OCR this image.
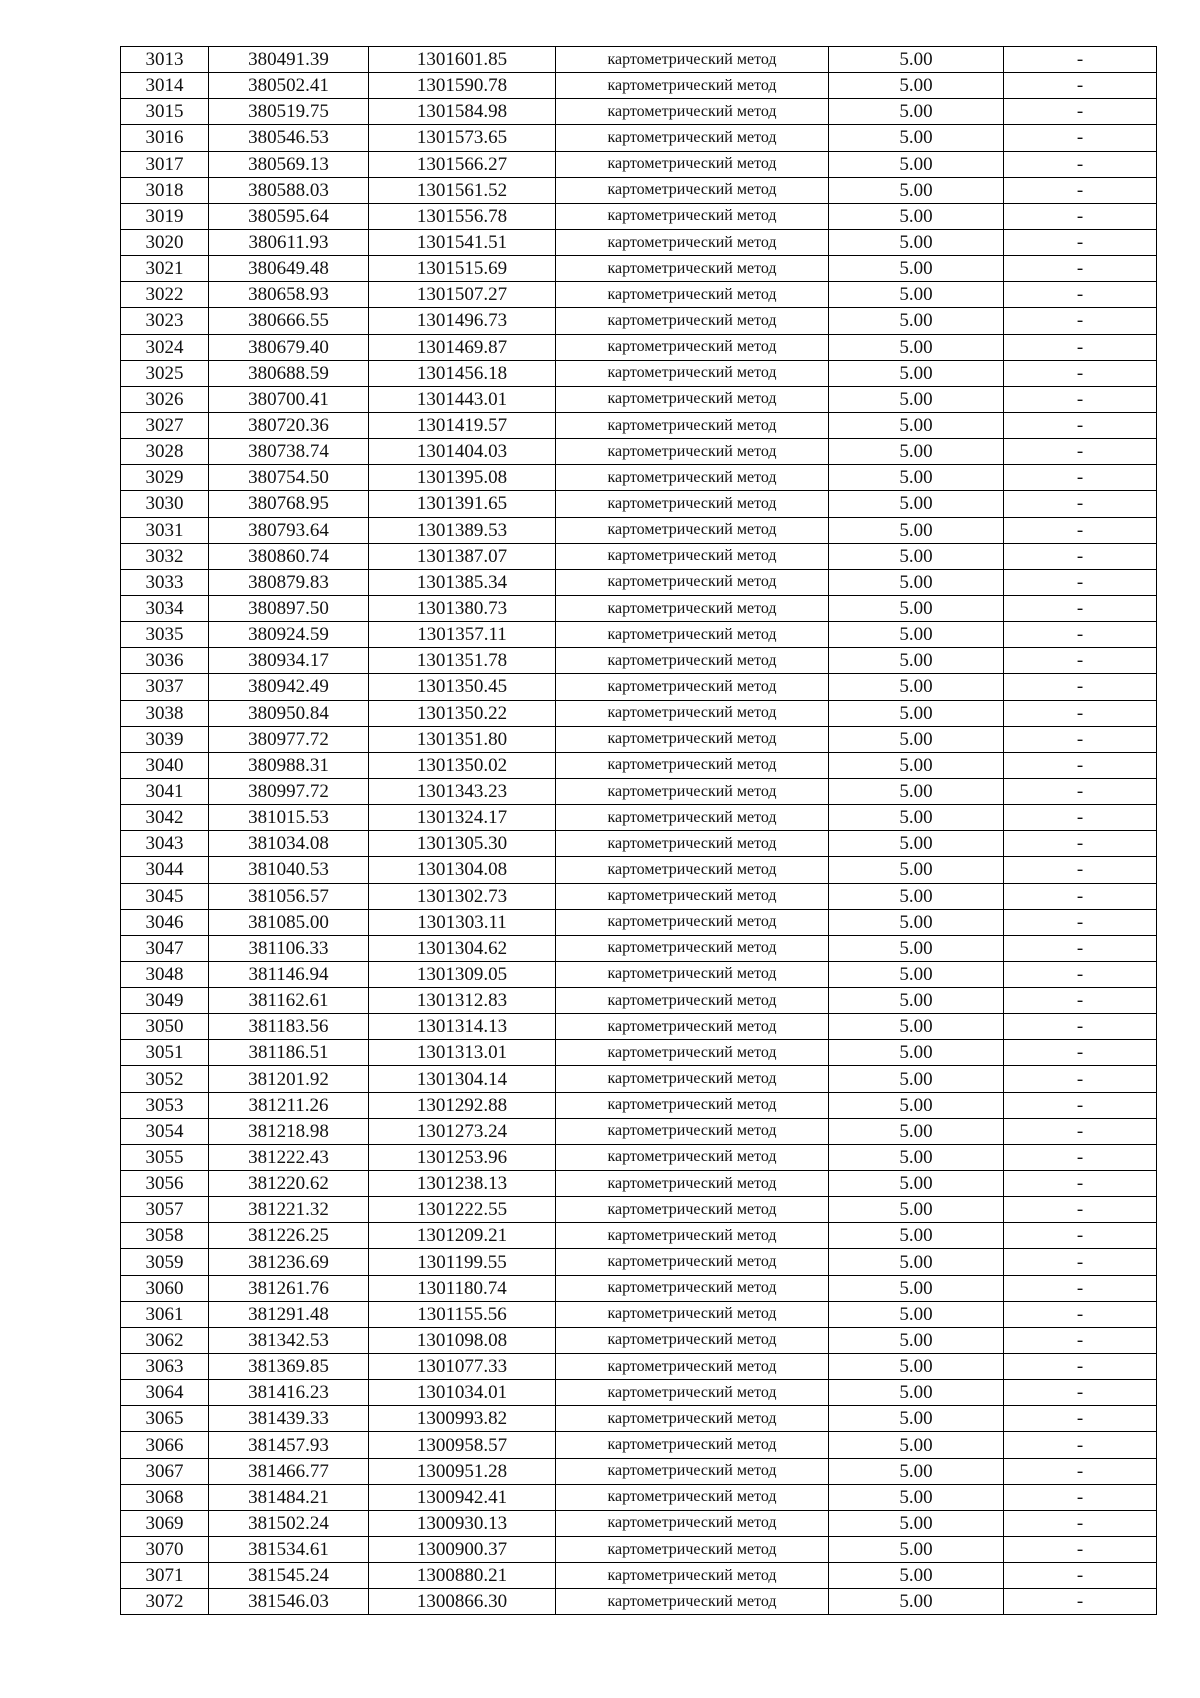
3013	380491.39	1301601.85	картометрический метод	5.00	-
3014	380502.41	1301590.78	картометрический метод	5.00	-
3015	380519.75	1301584.98	картометрический метод	5.00	-
3016	380546.53	1301573.65	картометрический метод	5.00	-
3017	380569.13	1301566.27	картометрический метод	5.00	-
3018	380588.03	1301561.52	картометрический метод	5.00	-
3019	380595.64	1301556.78	картометрический метод	5.00	-
3020	380611.93	1301541.51	картометрический метод	5.00	-
3021	380649.48	1301515.69	картометрический метод	5.00	-
3022	380658.93	1301507.27	картометрический метод	5.00	-
3023	380666.55	1301496.73	картометрический метод	5.00	-
3024	380679.40	1301469.87	картометрический метод	5.00	-
3025	380688.59	1301456.18	картометрический метод	5.00	-
3026	380700.41	1301443.01	картометрический метод	5.00	-
3027	380720.36	1301419.57	картометрический метод	5.00	-
3028	380738.74	1301404.03	картометрический метод	5.00	-
3029	380754.50	1301395.08	картометрический метод	5.00	-
3030	380768.95	1301391.65	картометрический метод	5.00	-
3031	380793.64	1301389.53	картометрический метод	5.00	-
3032	380860.74	1301387.07	картометрический метод	5.00	-
3033	380879.83	1301385.34	картометрический метод	5.00	-
3034	380897.50	1301380.73	картометрический метод	5.00	-
3035	380924.59	1301357.11	картометрический метод	5.00	-
3036	380934.17	1301351.78	картометрический метод	5.00	-
3037	380942.49	1301350.45	картометрический метод	5.00	-
3038	380950.84	1301350.22	картометрический метод	5.00	-
3039	380977.72	1301351.80	картометрический метод	5.00	-
3040	380988.31	1301350.02	картометрический метод	5.00	-
3041	380997.72	1301343.23	картометрический метод	5.00	-
3042	381015.53	1301324.17	картометрический метод	5.00	-
3043	381034.08	1301305.30	картометрический метод	5.00	-
3044	381040.53	1301304.08	картометрический метод	5.00	-
3045	381056.57	1301302.73	картометрический метод	5.00	-
3046	381085.00	1301303.11	картометрический метод	5.00	-
3047	381106.33	1301304.62	картометрический метод	5.00	-
3048	381146.94	1301309.05	картометрический метод	5.00	-
3049	381162.61	1301312.83	картометрический метод	5.00	-
3050	381183.56	1301314.13	картометрический метод	5.00	-
3051	381186.51	1301313.01	картометрический метод	5.00	-
3052	381201.92	1301304.14	картометрический метод	5.00	-
3053	381211.26	1301292.88	картометрический метод	5.00	-
3054	381218.98	1301273.24	картометрический метод	5.00	-
3055	381222.43	1301253.96	картометрический метод	5.00	-
3056	381220.62	1301238.13	картометрический метод	5.00	-
3057	381221.32	1301222.55	картометрический метод	5.00	-
3058	381226.25	1301209.21	картометрический метод	5.00	-
3059	381236.69	1301199.55	картометрический метод	5.00	-
3060	381261.76	1301180.74	картометрический метод	5.00	-
3061	381291.48	1301155.56	картометрический метод	5.00	-
3062	381342.53	1301098.08	картометрический метод	5.00	-
3063	381369.85	1301077.33	картометрический метод	5.00	-
3064	381416.23	1301034.01	картометрический метод	5.00	-
3065	381439.33	1300993.82	картометрический метод	5.00	-
3066	381457.93	1300958.57	картометрический метод	5.00	-
3067	381466.77	1300951.28	картометрический метод	5.00	-
3068	381484.21	1300942.41	картометрический метод	5.00	-
3069	381502.24	1300930.13	картометрический метод	5.00	-
3070	381534.61	1300900.37	картометрический метод	5.00	-
3071	381545.24	1300880.21	картометрический метод	5.00	-
3072	381546.03	1300866.30	картометрический метод	5.00	-
